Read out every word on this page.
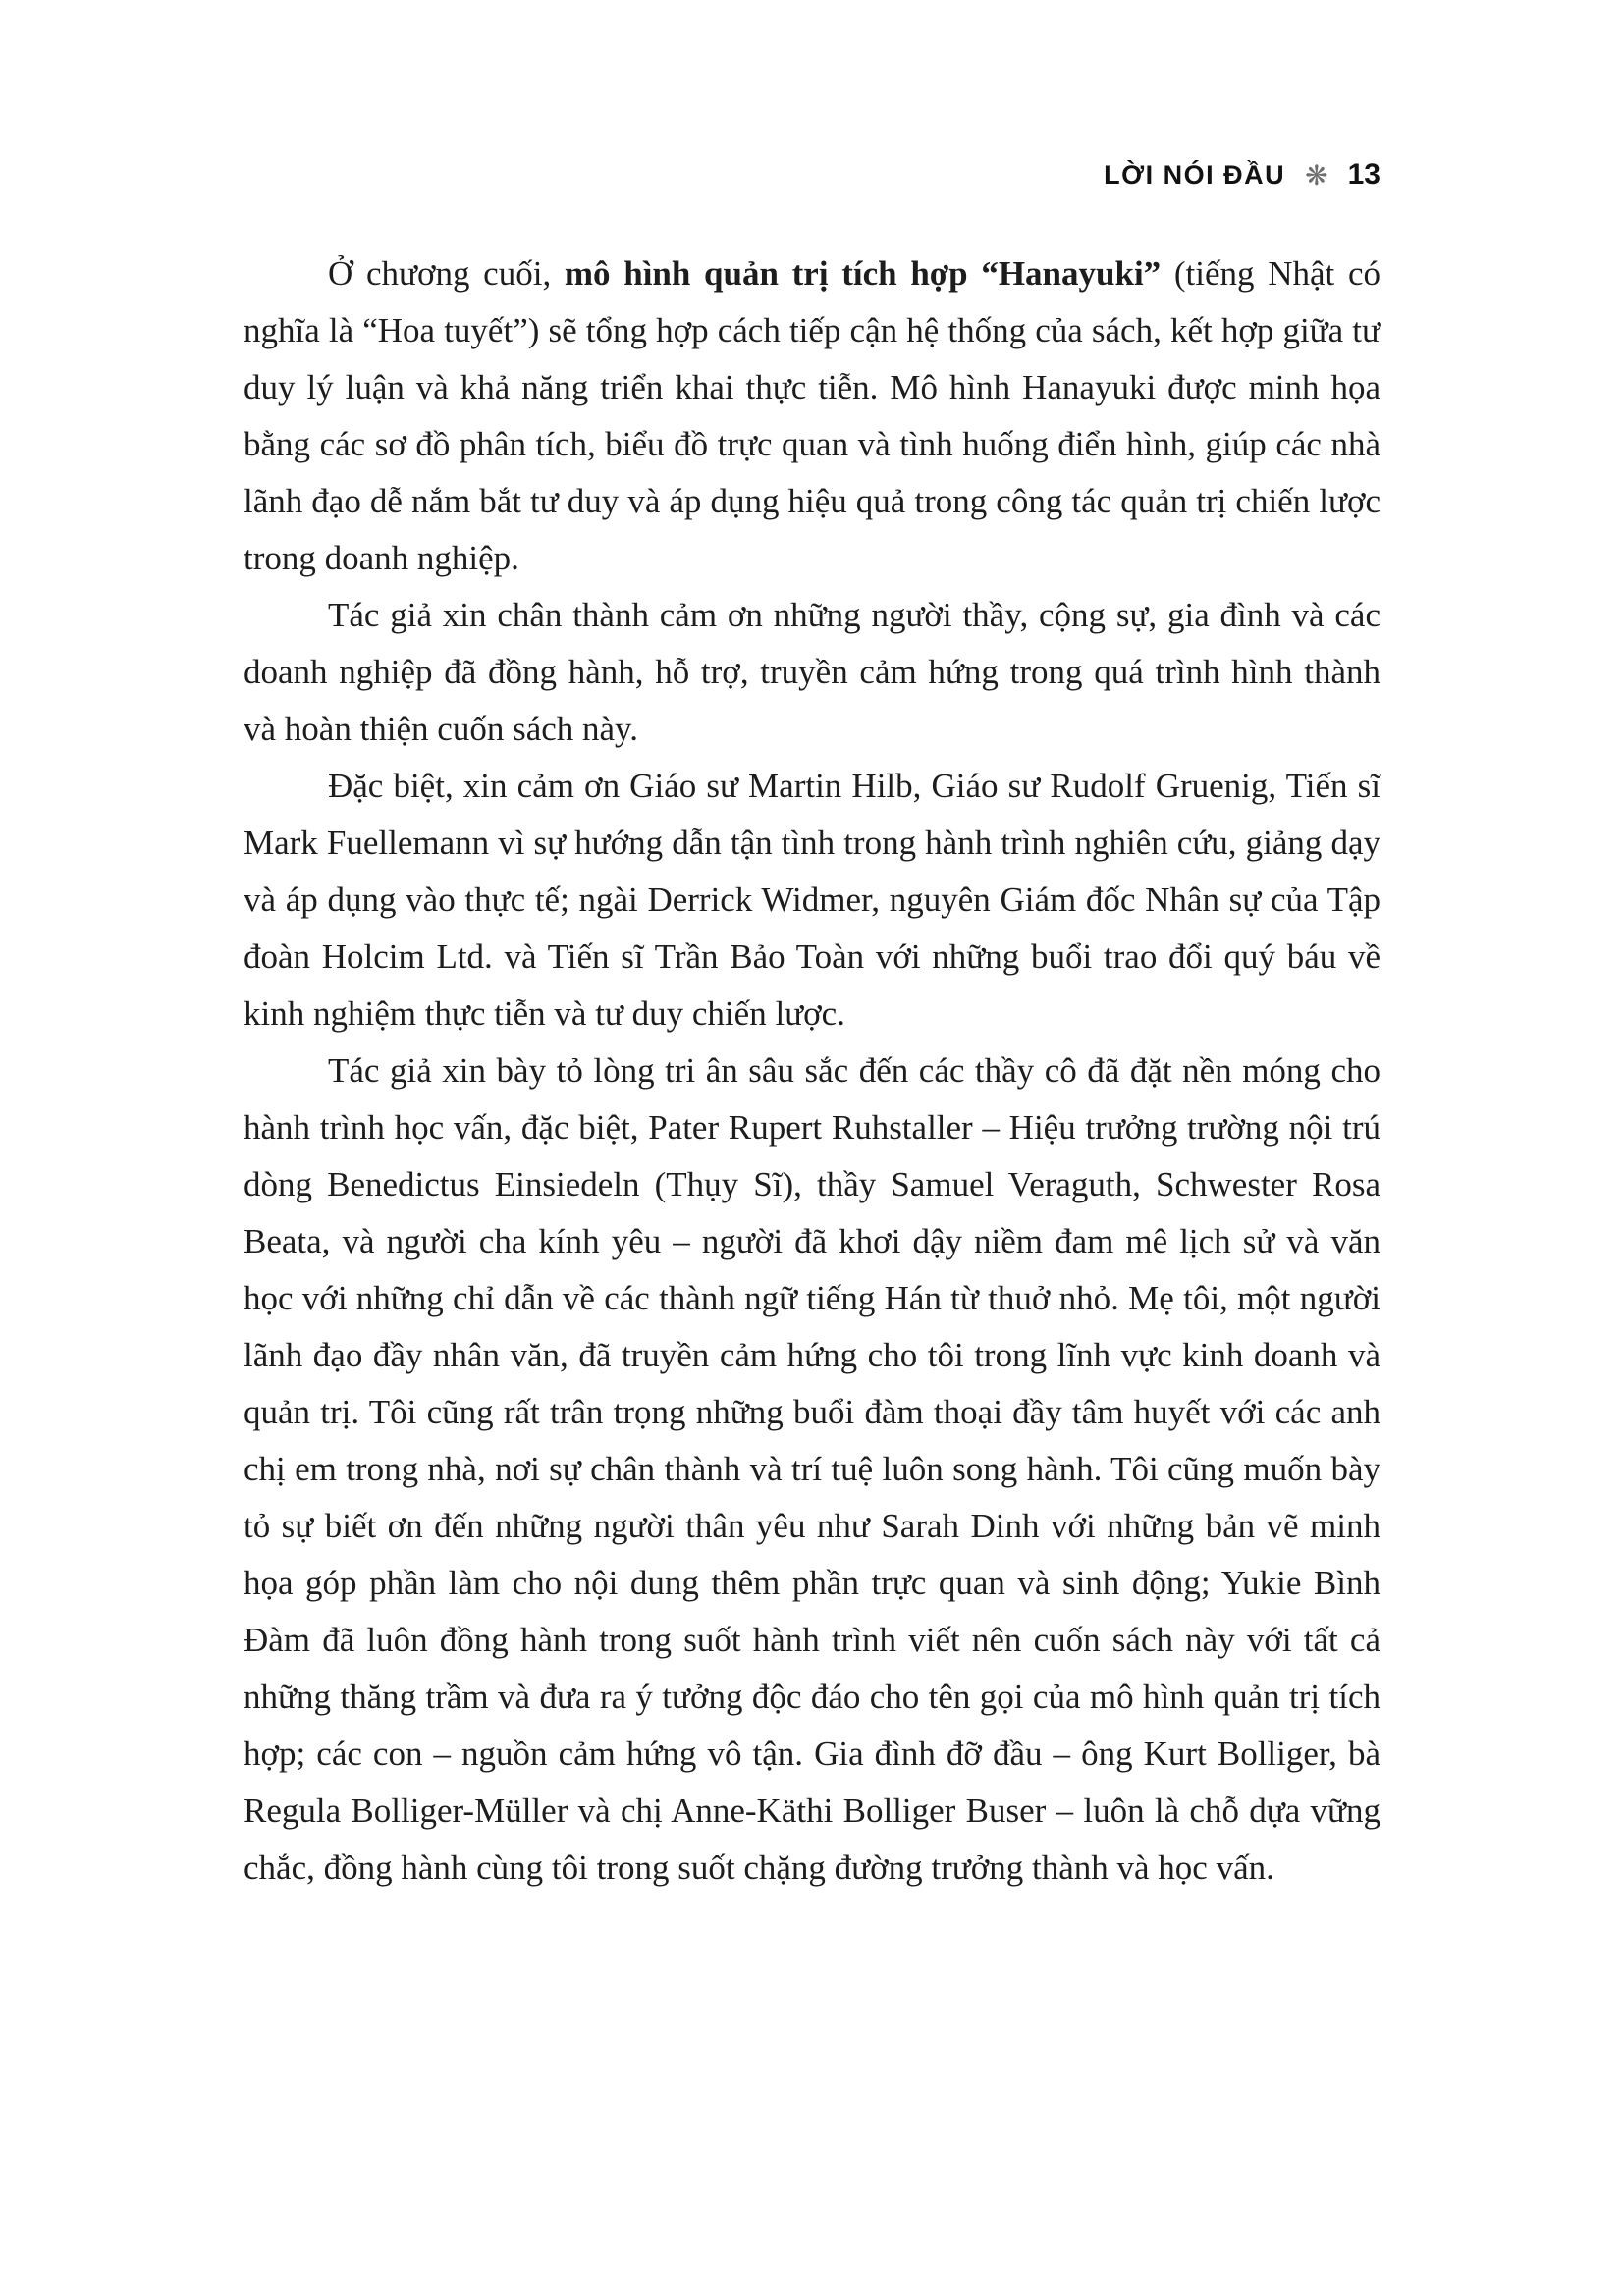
LỜI NÓI ĐẦU ❋ 13

Ở chương cuối, mô hình quản trị tích hợp “Hanayuki” (tiếng Nhật có nghĩa là “Hoa tuyết”) sẽ tổng hợp cách tiếp cận hệ thống của sách, kết hợp giữa tư duy lý luận và khả năng triển khai thực tiễn. Mô hình Hanayuki được minh họa bằng các sơ đồ phân tích, biểu đồ trực quan và tình huống điển hình, giúp các nhà lãnh đạo dễ nắm bắt tư duy và áp dụng hiệu quả trong công tác quản trị chiến lược trong doanh nghiệp.

Tác giả xin chân thành cảm ơn những người thầy, cộng sự, gia đình và các doanh nghiệp đã đồng hành, hỗ trợ, truyền cảm hứng trong quá trình hình thành và hoàn thiện cuốn sách này.

Đặc biệt, xin cảm ơn Giáo sư Martin Hilb, Giáo sư Rudolf Gruenig, Tiến sĩ Mark Fuellemann vì sự hướng dẫn tận tình trong hành trình nghiên cứu, giảng dạy và áp dụng vào thực tế; ngài Derrick Widmer, nguyên Giám đốc Nhân sự của Tập đoàn Holcim Ltd. và Tiến sĩ Trần Bảo Toàn với những buổi trao đổi quý báu về kinh nghiệm thực tiễn và tư duy chiến lược.

Tác giả xin bày tỏ lòng tri ân sâu sắc đến các thầy cô đã đặt nền móng cho hành trình học vấn, đặc biệt, Pater Rupert Ruhstaller – Hiệu trưởng trường nội trú dòng Benedictus Einsiedeln (Thụy Sĩ), thầy Samuel Veraguth, Schwester Rosa Beata, và người cha kính yêu – người đã khơi dậy niềm đam mê lịch sử và văn học với những chỉ dẫn về các thành ngữ tiếng Hán từ thuở nhỏ. Mẹ tôi, một người lãnh đạo đầy nhân văn, đã truyền cảm hứng cho tôi trong lĩnh vực kinh doanh và quản trị. Tôi cũng rất trân trọng những buổi đàm thoại đầy tâm huyết với các anh chị em trong nhà, nơi sự chân thành và trí tuệ luôn song hành. Tôi cũng muốn bày tỏ sự biết ơn đến những người thân yêu như Sarah Dinh với những bản vẽ minh họa góp phần làm cho nội dung thêm phần trực quan và sinh động; Yukie Bình Đàm đã luôn đồng hành trong suốt hành trình viết nên cuốn sách này với tất cả những thăng trầm và đưa ra ý tưởng độc đáo cho tên gọi của mô hình quản trị tích hợp; các con – nguồn cảm hứng vô tận. Gia đình đỡ đầu – ông Kurt Bolliger, bà Regula Bolliger-Müller và chị Anne-Käthi Bolliger Buser – luôn là chỗ dựa vững chắc, đồng hành cùng tôi trong suốt chặng đường trưởng thành và học vấn.
